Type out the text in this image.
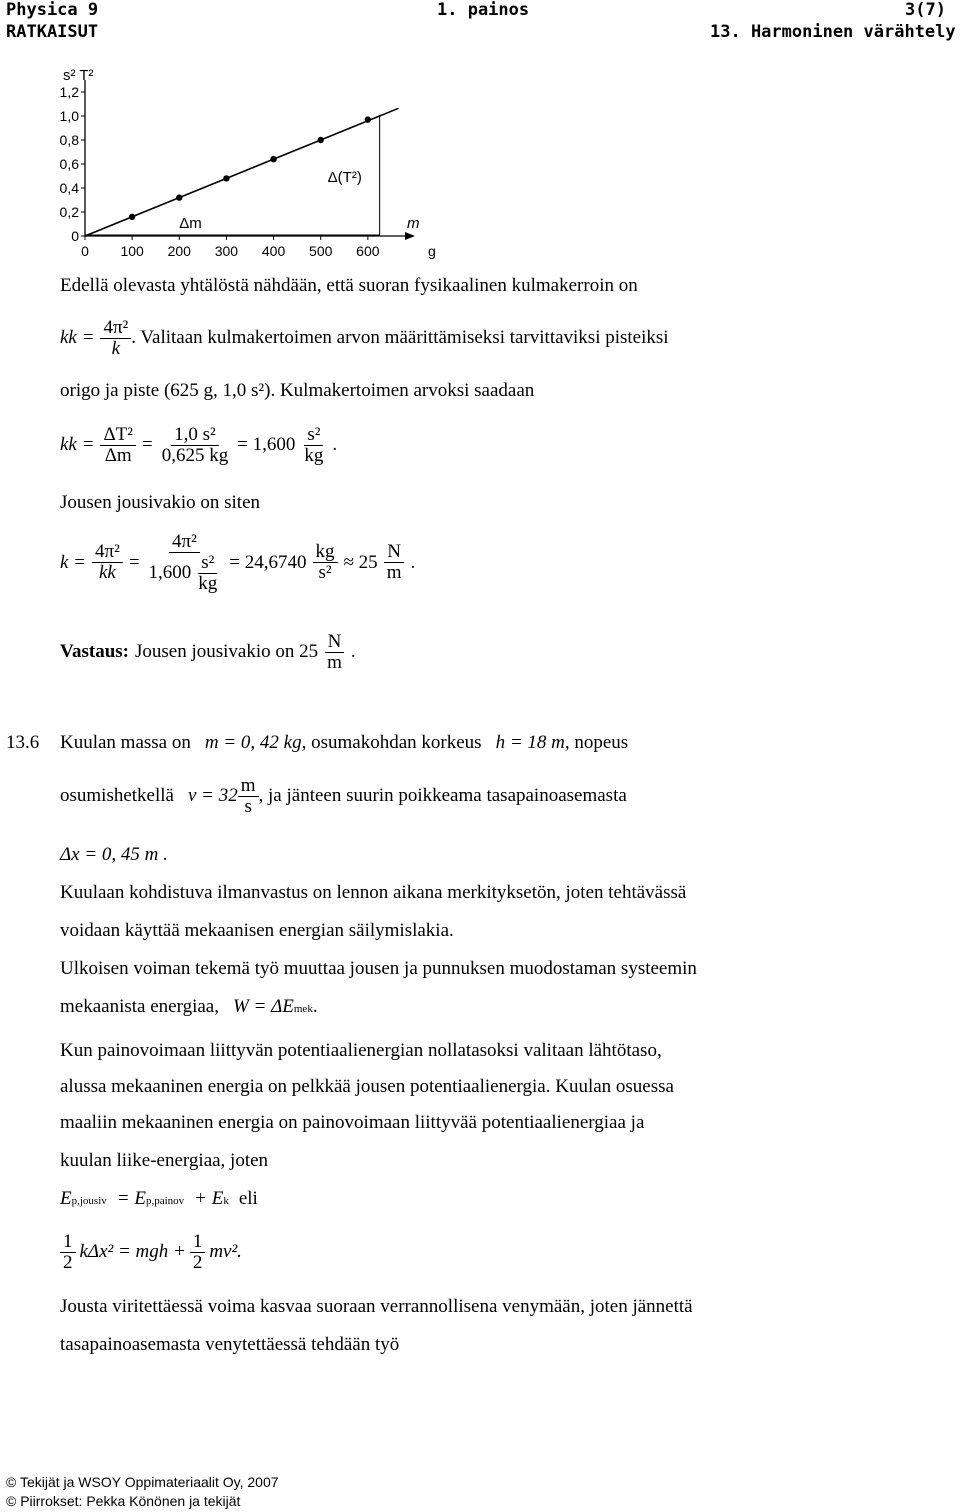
Physica 9
RATKAISUT
1. painos	3(7)
13. Harmoninen värähtely
s² T²
0
0,2
0,4
0,6
0,8
1,0
1,2
0 100 200 300 400 500 600	g
Δm
Δ(T²)
m
Edellä olevasta yhtälöstä nähdään, että suoran fysikaalinen kulmakerroin on
kk = $\frac{\text{4π²}}{k}$ . Valitaan kulmakertoimen arvon määrittämiseksi tarvittaviksi pisteiksi
origo ja piste (625 g, 1,0 s²). Kulmakertoimen arvoksi saadaan
kk = $\frac{\text{ΔT²}}{\Delta m} = \frac{\text{1,0 s²}}{0,625 kg} = 1,600 \frac{\text{s²}}{kg}$ .
Jousen jousivakio on siten
$k = \frac{\text{4π²}}{kk} = \frac{\text{4π²}}{1,600 \frac{\text{s²}}{kg}} = 24,6740 \frac{kg}{\text{s²}} \approx 25 \frac{N}{m}$ .
Vastaus: Jousen jousivakio on $25 \frac{N}{m}$ .
13.6	Kuulan massa on m = 0, 42 kg , osumakohdan korkeus h = 18 m , nopeus
osumishetkellä $v = 32 \frac{m}{s}$ , ja jänteen suurin poikkeama tasapainoasemasta
Δx = 0, 45 m .
Kuulaan kohdistuva ilmanvastus on lennon aikana merkityksetön, joten tehtävässä
voidaan käyttää mekaanisen energian säilymislakia.
Ulkoisen voiman tekemä työ muuttaa jousen ja punnuksen muodostaman systeemin
mekaanista energiaa, W = ΔE mek .
Kun painovoimaan liittyvän potentiaalienergian nollatasoksi valitaan lähtötaso,
alussa mekaaninen energia on pelkkää jousen potentiaalienergia. Kuulan osuessa
maaliin mekaaninen energia on painovoimaan liittyvää potentiaalienergiaa ja
kuulan liike-energiaa, joten
E p,jousiv = E p,painov + E k eli
$\frac{1}{2} k\Delta x^2$ = mgh + $\frac{1}{2} mv^2$.
Jousta viritettäessä voima kasvaa suoraan verrannollisena venymään, joten jännettä
tasapainoasemasta venytettäessä tehdään työ
© Tekijät ja WSOY Oppimateriaalit Oy, 2007
© Piirrokset: Pekka Könönen ja tekijät
